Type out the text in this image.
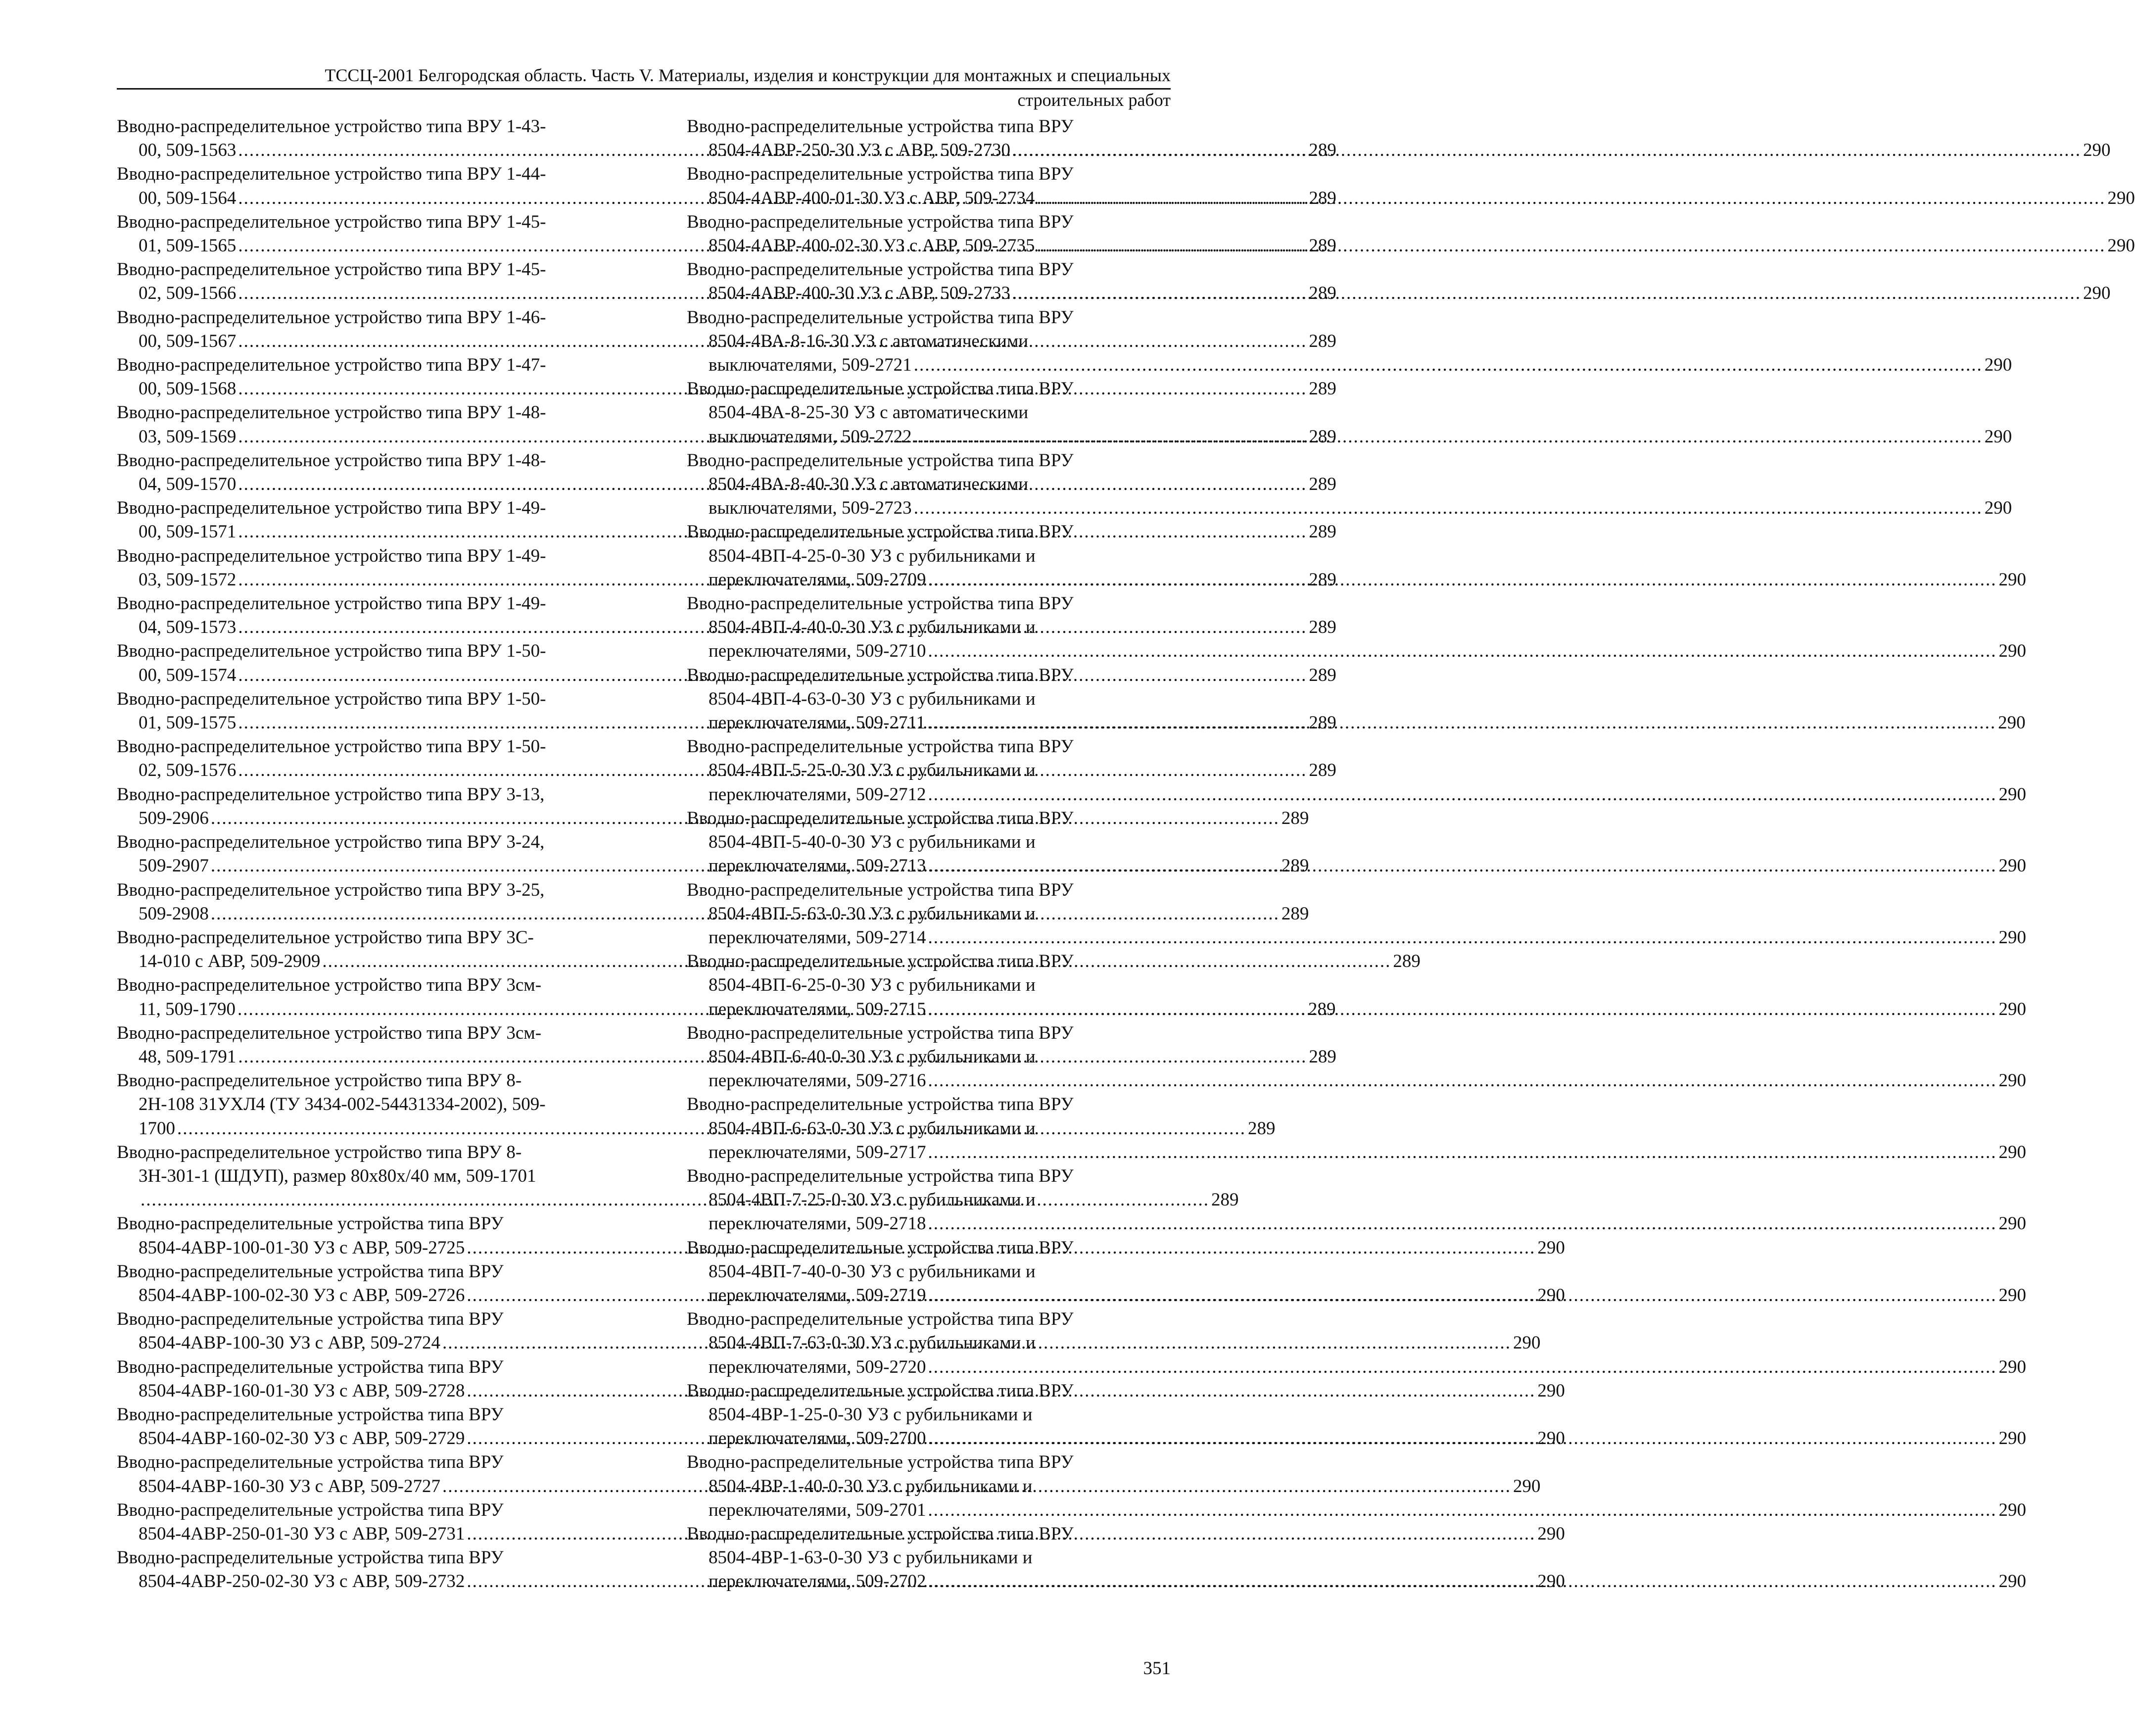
ТССЦ-2001 Белгородская область. Часть V. Материалы, изделия и конструкции для монтажных и специальных
строительных работ
Вводно-распределительное устройство типа ВРУ 1-43-
00, 509-1563 .....	289
Вводно-распределительное устройство типа ВРУ 1-44-
00, 509-1564 .....	289
Вводно-распределительное устройство типа ВРУ 1-45-
01, 509-1565 .....	289
Вводно-распределительное устройство типа ВРУ 1-45-
02, 509-1566 .....	289
Вводно-распределительное устройство типа ВРУ 1-46-
00, 509-1567 .....	289
Вводно-распределительное устройство типа ВРУ 1-47-
00, 509-1568 .....	289
Вводно-распределительное устройство типа ВРУ 1-48-
03, 509-1569 .....	289
Вводно-распределительное устройство типа ВРУ 1-48-
04, 509-1570 .....	289
Вводно-распределительное устройство типа ВРУ 1-49-
00, 509-1571 .....	289
Вводно-распределительное устройство типа ВРУ 1-49-
03, 509-1572 .....	289
Вводно-распределительное устройство типа ВРУ 1-49-
04, 509-1573 .....	289
Вводно-распределительное устройство типа ВРУ 1-50-
00, 509-1574 .....	289
Вводно-распределительное устройство типа ВРУ 1-50-
01, 509-1575 .....	289
Вводно-распределительное устройство типа ВРУ 1-50-
02, 509-1576 .....	289
Вводно-распределительное устройство типа ВРУ 3-13,
509-2906 .....	289
Вводно-распределительное устройство типа ВРУ 3-24,
509-2907 .....	289
Вводно-распределительное устройство типа ВРУ 3-25,
509-2908 .....	289
Вводно-распределительное устройство типа ВРУ 3С-
14-010 с АВР, 509-2909 .....	289
Вводно-распределительное устройство типа ВРУ 3см-
11, 509-1790 .....	289
Вводно-распределительное устройство типа ВРУ 3см-
48, 509-1791 .....	289
Вводно-распределительное устройство типа ВРУ 8-
2Н-108 31УХЛ4 (ТУ 3434-002-54431334-2002), 509-
1700 .....	289
Вводно-распределительное устройство типа ВРУ 8-
3Н-301-1 (ШДУП), размер 80х80х/40 мм, 509-1701
..... 289
Вводно-распределительные устройства типа ВРУ
8504-4АВР-100-01-30 УЗ с АВР, 509-2725 .....	290
Вводно-распределительные устройства типа ВРУ
8504-4АВР-100-02-30 УЗ с АВР, 509-2726 .....	290
Вводно-распределительные устройства типа ВРУ
8504-4АВР-100-30 УЗ с АВР, 509-2724 .....	290
Вводно-распределительные устройства типа ВРУ
8504-4АВР-160-01-30 УЗ с АВР, 509-2728 .....	290
Вводно-распределительные устройства типа ВРУ
8504-4АВР-160-02-30 УЗ с АВР, 509-2729 .....	290
Вводно-распределительные устройства типа ВРУ
8504-4АВР-160-30 УЗ с АВР, 509-2727 .....	290
Вводно-распределительные устройства типа ВРУ
8504-4АВР-250-01-30 УЗ с АВР, 509-2731 .....	290
Вводно-распределительные устройства типа ВРУ
8504-4АВР-250-02-30 УЗ с АВР, 509-2732 .....	290
Вводно-распределительные устройства типа ВРУ
8504-4АВР-250-30 УЗ с АВР, 509-2730 .....	290
Вводно-распределительные устройства типа ВРУ
8504-4АВР-400-01-30 УЗ с АВР, 509-2734 .....	290
Вводно-распределительные устройства типа ВРУ
8504-4АВР-400-02-30 УЗ с АВР, 509-2735 .....	290
Вводно-распределительные устройства типа ВРУ
8504-4АВР-400-30 УЗ с АВР, 509-2733 .....	290
Вводно-распределительные устройства типа ВРУ
8504-4ВА-8-16-30 УЗ с автоматическими
выключателями, 509-2721 .....	290
Вводно-распределительные устройства типа ВРУ
8504-4ВА-8-25-30 УЗ с автоматическими
выключателями, 509-2722 .....	290
Вводно-распределительные устройства типа ВРУ
8504-4ВА-8-40-30 УЗ с автоматическими
выключателями, 509-2723 .....	290
Вводно-распределительные устройства типа ВРУ
8504-4ВП-4-25-0-30 УЗ с рубильниками и
переключателями, 509-2709 .....	290
Вводно-распределительные устройства типа ВРУ
8504-4ВП-4-40-0-30 УЗ с рубильниками и
переключателями, 509-2710 .....	290
Вводно-распределительные устройства типа ВРУ
8504-4ВП-4-63-0-30 УЗ с рубильниками и
переключателями, 509-2711 .....	290
Вводно-распределительные устройства типа ВРУ
8504-4ВП-5-25-0-30 УЗ с рубильниками и
переключателями, 509-2712 .....	290
Вводно-распределительные устройства типа ВРУ
8504-4ВП-5-40-0-30 УЗ с рубильниками и
переключателями, 509-2713 .....	290
Вводно-распределительные устройства типа ВРУ
8504-4ВП-5-63-0-30 УЗ с рубильниками и
переключателями, 509-2714 .....	290
Вводно-распределительные устройства типа ВРУ
8504-4ВП-6-25-0-30 УЗ с рубильниками и
переключателями, 509-2715 .....	290
Вводно-распределительные устройства типа ВРУ
8504-4ВП-6-40-0-30 УЗ с рубильниками и
переключателями, 509-2716 .....	290
Вводно-распределительные устройства типа ВРУ
8504-4ВП-6-63-0-30 УЗ с рубильниками и
переключателями, 509-2717 .....	290
Вводно-распределительные устройства типа ВРУ
8504-4ВП-7-25-0-30 УЗ с рубильниками и
переключателями, 509-2718 .....	290
Вводно-распределительные устройства типа ВРУ
8504-4ВП-7-40-0-30 УЗ с рубильниками и
переключателями, 509-2719 .....	290
Вводно-распределительные устройства типа ВРУ
8504-4ВП-7-63-0-30 УЗ с рубильниками и
переключателями, 509-2720 .....	290
Вводно-распределительные устройства типа ВРУ
8504-4ВР-1-25-0-30 УЗ с рубильниками и
переключателями, 509-2700 .....	290
Вводно-распределительные устройства типа ВРУ
8504-4ВР-1-40-0-30 УЗ с рубильниками и
переключателями, 509-2701 .....	290
Вводно-распределительные устройства типа ВРУ
8504-4ВР-1-63-0-30 УЗ с рубильниками и
переключателями, 509-2702 .....	290
351
